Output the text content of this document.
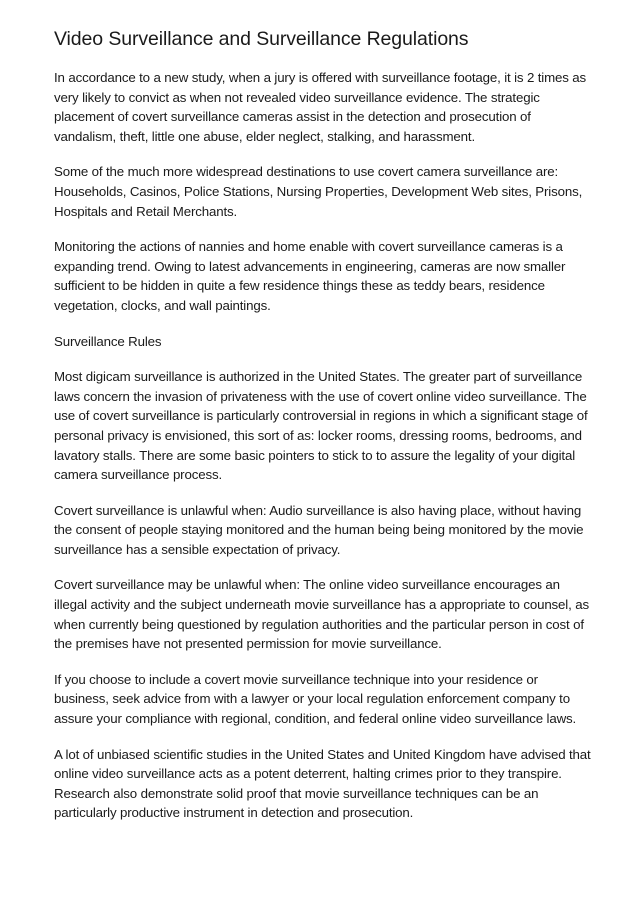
Video Surveillance and Surveillance Regulations

In accordance to a new study, when a jury is offered with surveillance footage, it is 2 times as very likely to convict as when not revealed video surveillance evidence. The strategic placement of covert surveillance cameras assist in the detection and prosecution of vandalism, theft, little one abuse, elder neglect, stalking, and harassment.

Some of the much more widespread destinations to use covert camera surveillance are: Households, Casinos, Police Stations, Nursing Properties, Development Web sites, Prisons, Hospitals and Retail Merchants.

Monitoring the actions of nannies and home enable with covert surveillance cameras is a expanding trend. Owing to latest advancements in engineering, cameras are now smaller sufficient to be hidden in quite a few residence things these as teddy bears, residence vegetation, clocks, and wall paintings.

Surveillance Rules

Most digicam surveillance is authorized in the United States. The greater part of surveillance laws concern the invasion of privateness with the use of covert online video surveillance. The use of covert surveillance is particularly controversial in regions in which a significant stage of personal privacy is envisioned, this sort of as: locker rooms, dressing rooms, bedrooms, and lavatory stalls. There are some basic pointers to stick to to assure the legality of your digital camera surveillance process.

Covert surveillance is unlawful when: Audio surveillance is also having place, without having the consent of people staying monitored and the human being being monitored by the movie surveillance has a sensible expectation of privacy.

Covert surveillance may be unlawful when: The online video surveillance encourages an illegal activity and the subject underneath movie surveillance has a appropriate to counsel, as when currently being questioned by regulation authorities and the particular person in cost of the premises have not presented permission for movie surveillance.

If you choose to include a covert movie surveillance technique into your residence or business, seek advice from with a lawyer or your local regulation enforcement company to assure your compliance with regional, condition, and federal online video surveillance laws.

A lot of unbiased scientific studies in the United States and United Kingdom have advised that online video surveillance acts as a potent deterrent, halting crimes prior to they transpire. Research also demonstrate solid proof that movie surveillance techniques can be an particularly productive instrument in detection and prosecution.
